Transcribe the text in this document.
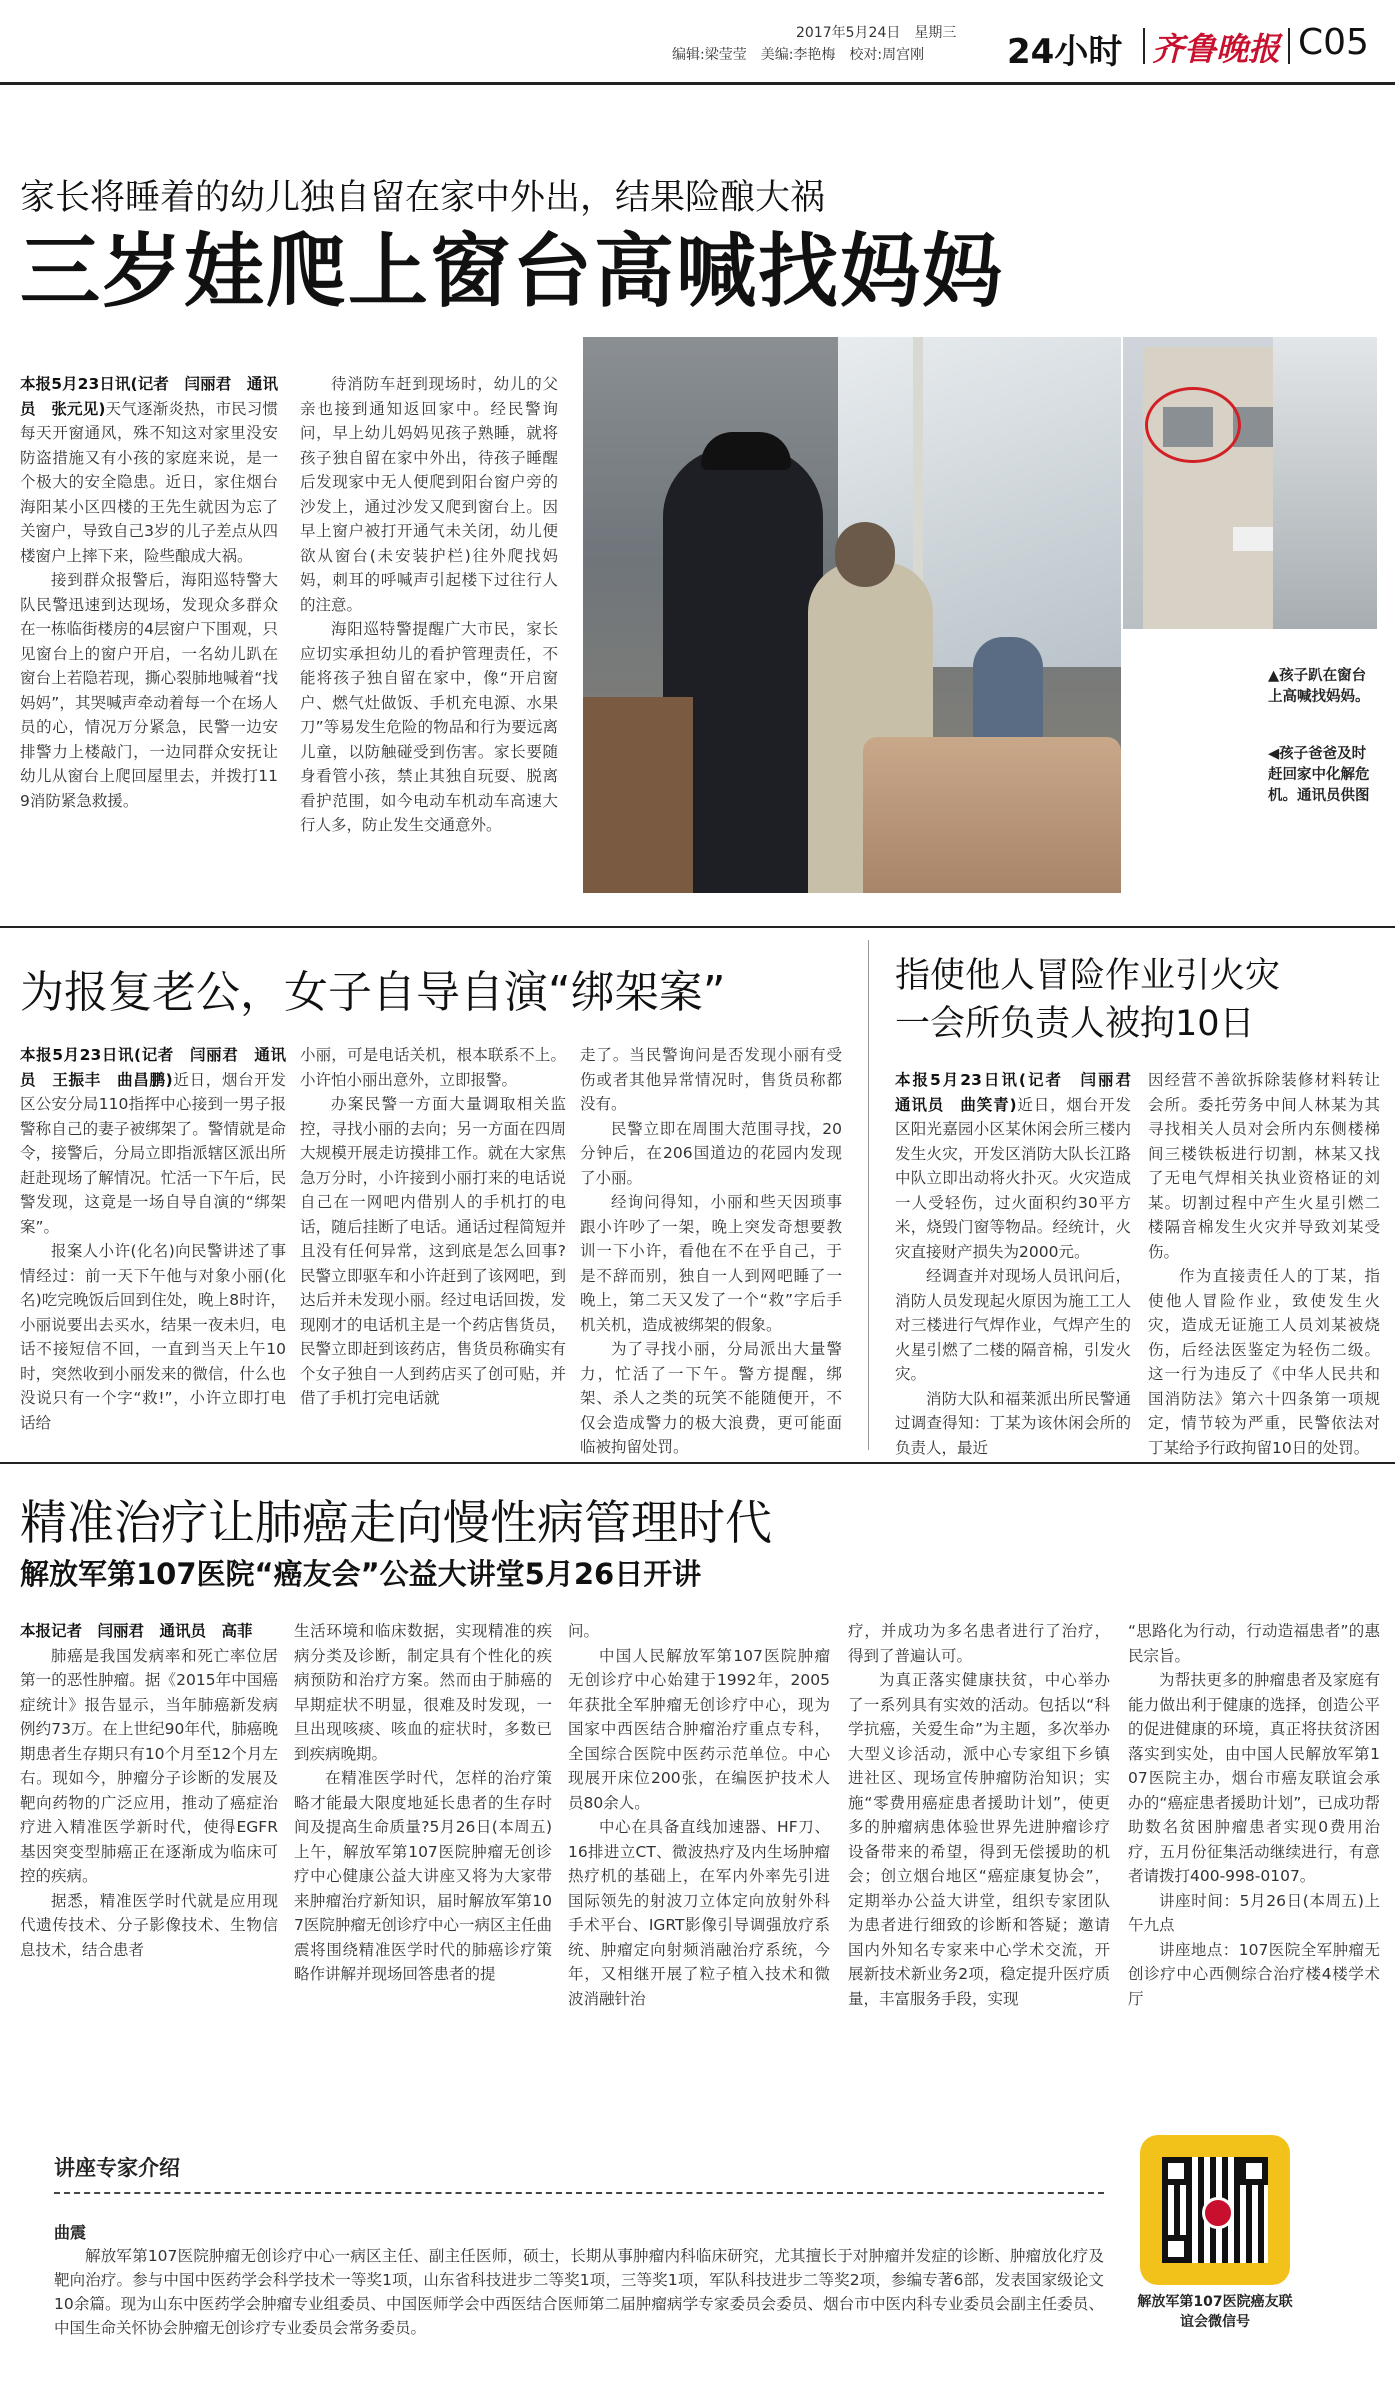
2017年5月24日　星期三
编辑:梁莹莹　美编:李艳梅　校对:周宫刚 24小时 齐鲁晚报 C05
家长将睡着的幼儿独自留在家中外出，结果险酿大祸
三岁娃爬上窗台高喊找妈妈

本报5月23日讯(记者　闫丽君　通讯员　张元见)天气逐渐炎热，市民习惯每天开窗通风，殊不知这对家里没安防盗措施又有小孩的家庭来说，是一个极大的安全隐患。近日，家住烟台海阳某小区四楼的王先生就因为忘了关窗户，导致自己3岁的儿子差点从四楼窗户上摔下来，险些酿成大祸。

接到群众报警后，海阳巡特警大队民警迅速到达现场，发现众多群众在一栋临街楼房的4层窗户下围观，只见窗台上的窗户开启，一名幼儿趴在窗台上若隐若现，撕心裂肺地喊着“找妈妈”，其哭喊声牵动着每一个在场人员的心，情况万分紧急，民警一边安排警力上楼敲门，一边同群众安抚让幼儿从窗台上爬回屋里去，并拨打119消防紧急救援。

待消防车赶到现场时，幼儿的父亲也接到通知返回家中。经民警询问，早上幼儿妈妈见孩子熟睡，就将孩子独自留在家中外出，待孩子睡醒后发现家中无人便爬到阳台窗户旁的沙发上，通过沙发又爬到窗台上。因早上窗户被打开通气未关闭，幼儿便欲从窗台(未安装护栏)往外爬找妈妈，刺耳的呼喊声引起楼下过往行人的注意。

海阳巡特警提醒广大市民，家长应切实承担幼儿的看护管理责任，不能将孩子独自留在家中，像“开启窗户、燃气灶做饭、手机充电源、水果刀”等易发生危险的物品和行为要远离儿童，以防触碰受到伤害。家长要随身看管小孩，禁止其独自玩耍、脱离看护范围，如今电动车机动车高速大行人多，防止发生交通意外。

▲孩子趴在窗台上高喊找妈妈。
◀孩子爸爸及时赶回家中化解危机。通讯员供图
为报复老公，女子自导自演“绑架案”

本报5月23日讯(记者　闫丽君　通讯员　王振丰　曲昌鹏)近日，烟台开发区公安分局110指挥中心接到一男子报警称自己的妻子被绑架了。警情就是命令，接警后，分局立即指派辖区派出所赶赴现场了解情况。忙活一下午后，民警发现，这竟是一场自导自演的“绑架案”。

报案人小许(化名)向民警讲述了事情经过：前一天下午他与对象小丽(化名)吃完晚饭后回到住处，晚上8时许，小丽说要出去买水，结果一夜未归，电话不接短信不回，一直到当天上午10时，突然收到小丽发来的微信，什么也没说只有一个字“救!”，小许立即打电话给

小丽，可是电话关机，根本联系不上。小许怕小丽出意外，立即报警。

办案民警一方面大量调取相关监控，寻找小丽的去向；另一方面在四周大规模开展走访摸排工作。就在大家焦急万分时，小许接到小丽打来的电话说自己在一网吧内借别人的手机打的电话，随后挂断了电话。通话过程简短并且没有任何异常，这到底是怎么回事?民警立即驱车和小许赶到了该网吧，到达后并未发现小丽。经过电话回拨，发现刚才的电话机主是一个药店售货员，民警立即赶到该药店，售货员称确实有个女子独自一人到药店买了创可贴，并借了手机打完电话就

走了。当民警询问是否发现小丽有受伤或者其他异常情况时，售货员称都没有。

民警立即在周围大范围寻找，20分钟后，在206国道边的花园内发现了小丽。

经询问得知，小丽和些天因琐事跟小许吵了一架，晚上突发奇想要教训一下小许，看他在不在乎自己，于是不辞而别，独自一人到网吧睡了一晚上，第二天又发了一个“救”字后手机关机，造成被绑架的假象。

为了寻找小丽，分局派出大量警力，忙活了一下午。警方提醒，绑架、杀人之类的玩笑不能随便开，不仅会造成警力的极大浪费，更可能面临被拘留处罚。

指使他人冒险作业引火灾
一会所负责人被拘10日

本报5月23日讯(记者　闫丽君　通讯员　曲笑青)近日，烟台开发区阳光嘉园小区某休闲会所三楼内发生火灾，开发区消防大队长江路中队立即出动将火扑灭。火灾造成一人受轻伤，过火面积约30平方米，烧毁门窗等物品。经统计，火灾直接财产损失为2000元。

经调查并对现场人员讯问后，消防人员发现起火原因为施工工人对三楼进行气焊作业，气焊产生的火星引燃了二楼的隔音棉，引发火灾。

消防大队和福莱派出所民警通过调查得知：丁某为该休闲会所的负责人，最近

因经营不善欲拆除装修材料转让会所。委托劳务中间人林某为其寻找相关人员对会所内东侧楼梯间三楼铁板进行切割，林某又找了无电气焊相关执业资格证的刘某。切割过程中产生火星引燃二楼隔音棉发生火灾并导致刘某受伤。

作为直接责任人的丁某，指使他人冒险作业，致使发生火灾，造成无证施工人员刘某被烧伤，后经法医鉴定为轻伤二级。这一行为违反了《中华人民共和国消防法》第六十四条第一项规定，情节较为严重，民警依法对丁某给予行政拘留10日的处罚。

精准治疗让肺癌走向慢性病管理时代
解放军第107医院“癌友会”公益大讲堂5月26日开讲

本报记者　闫丽君　通讯员　高菲

肺癌是我国发病率和死亡率位居第一的恶性肿瘤。据《2015年中国癌症统计》报告显示，当年肺癌新发病例约73万。在上世纪90年代，肺癌晚期患者生存期只有10个月至12个月左右。现如今，肿瘤分子诊断的发展及靶向药物的广泛应用，推动了癌症治疗进入精准医学新时代，使得EGFR基因突变型肺癌正在逐渐成为临床可控的疾病。

据悉，精准医学时代就是应用现代遗传技术、分子影像技术、生物信息技术，结合患者

生活环境和临床数据，实现精准的疾病分类及诊断，制定具有个性化的疾病预防和治疗方案。然而由于肺癌的早期症状不明显，很难及时发现，一旦出现咳痰、咳血的症状时，多数已到疾病晚期。

在精准医学时代，怎样的治疗策略才能最大限度地延长患者的生存时间及提高生命质量?5月26日(本周五)上午，解放军第107医院肿瘤无创诊疗中心健康公益大讲座又将为大家带来肿瘤治疗新知识，届时解放军第107医院肿瘤无创诊疗中心一病区主任曲震将围绕精准医学时代的肺癌诊疗策略作讲解并现场回答患者的提

问。

中国人民解放军第107医院肿瘤无创诊疗中心始建于1992年，2005年获批全军肿瘤无创诊疗中心，现为国家中西医结合肿瘤治疗重点专科，全国综合医院中医药示范单位。中心现展开床位200张，在编医护技术人员80余人。

中心在具备直线加速器、HF刀、16排进立CT、微波热疗及内生场肿瘤热疗机的基础上，在军内外率先引进国际领先的射波刀立体定向放射外科手术平台、IGRT影像引导调强放疗系统、肿瘤定向射频消融治疗系统，今年，又相继开展了粒子植入技术和微波消融针治

疗，并成功为多名患者进行了治疗，得到了普遍认可。

为真正落实健康扶贫，中心举办了一系列具有实效的活动。包括以“科学抗癌，关爱生命”为主题，多次举办大型义诊活动，派中心专家组下乡镇进社区、现场宣传肿瘤防治知识；实施“零费用癌症患者援助计划”，使更多的肿瘤病患体验世界先进肿瘤诊疗设备带来的希望，得到无偿援助的机会；创立烟台地区“癌症康复协会”，定期举办公益大讲堂，组织专家团队为患者进行细致的诊断和答疑；邀请国内外知名专家来中心学术交流，开展新技术新业务2项，稳定提升医疗质量，丰富服务手段，实现

“思路化为行动，行动造福患者”的惠民宗旨。

为帮扶更多的肿瘤患者及家庭有能力做出利于健康的选择，创造公平的促进健康的环境，真正将扶贫济困落实到实处，由中国人民解放军第107医院主办，烟台市癌友联谊会承办的“癌症患者援助计划”，已成功帮助数名贫困肿瘤患者实现0费用治疗，五月份征集活动继续进行，有意者请拨打400-998-0107。

讲座时间：5月26日(本周五)上午九点

讲座地点：107医院全军肿瘤无创诊疗中心西侧综合治疗楼4楼学术厅

讲座专家介绍
曲震

解放军第107医院肿瘤无创诊疗中心一病区主任、副主任医师，硕士，长期从事肿瘤内科临床研究，尤其擅长于对肿瘤并发症的诊断、肿瘤放化疗及靶向治疗。参与中国中医药学会科学技术一等奖1项，山东省科技进步二等奖1项，三等奖1项，军队科技进步二等奖2项，参编专著6部，发表国家级论文10余篇。现为山东中医药学会肿瘤专业组委员、中国医师学会中西医结合医师第二届肿瘤病学专家委员会委员、烟台市中医内科专业委员会副主任委员、中国生命关怀协会肿瘤无创诊疗专业委员会常务委员。

解放军第107医院癌友联谊会微信号
